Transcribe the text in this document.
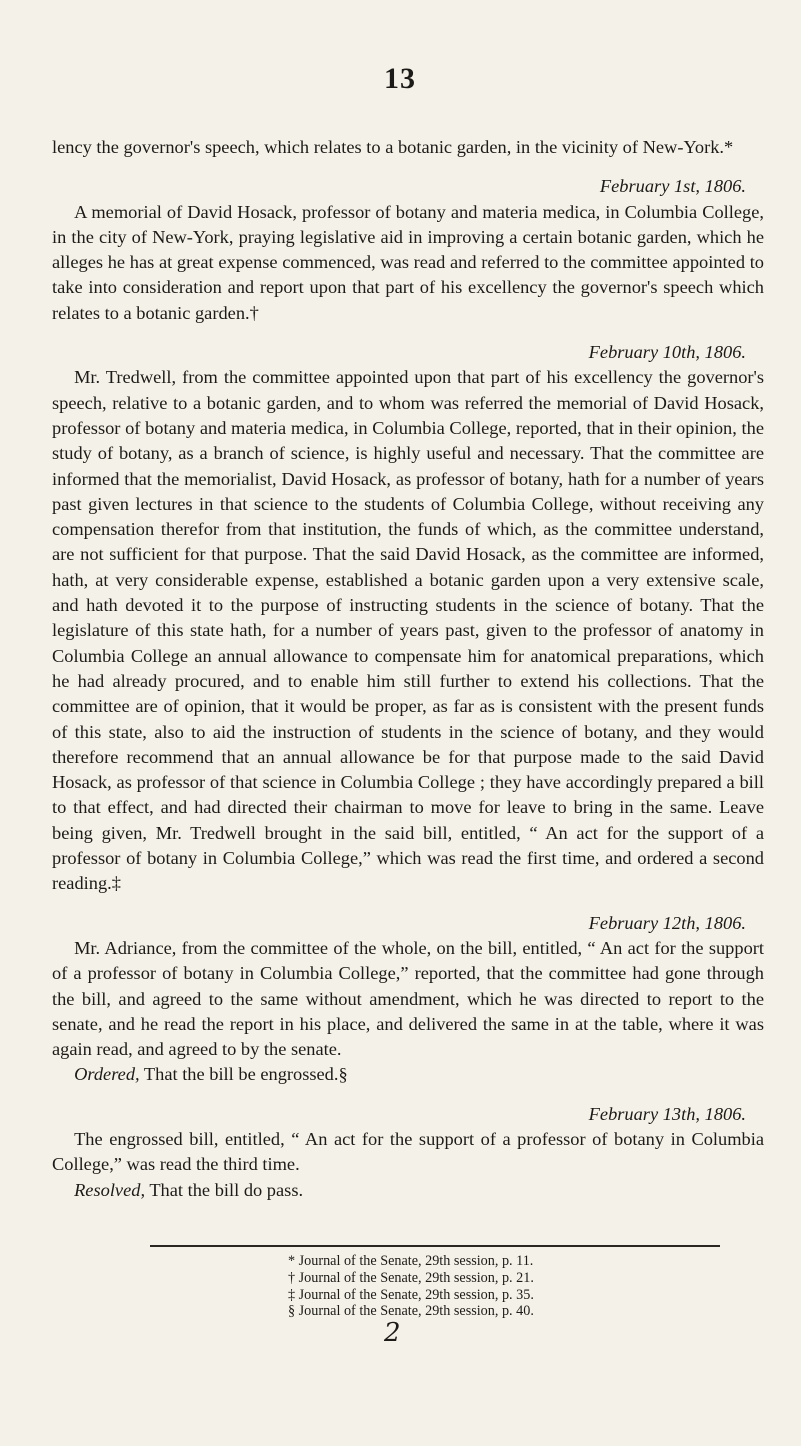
13

lency the governor's speech, which relates to a botanic garden, in the vicinity of New-York.*

February 1st, 1806.

A memorial of David Hosack, professor of botany and materia medica, in Columbia College, in the city of New-York, praying legislative aid in improving a certain botanic garden, which he alleges he has at great expense commenced, was read and referred to the committee appointed to take into consideration and report upon that part of his excellency the governor's speech which relates to a botanic garden.†

February 10th, 1806.

Mr. Tredwell, from the committee appointed upon that part of his excellency the governor's speech, relative to a botanic garden, and to whom was referred the memorial of David Hosack, professor of botany and materia medica, in Columbia College, reported, that in their opinion, the study of botany, as a branch of science, is highly useful and necessary. That the committee are informed that the memorialist, David Hosack, as professor of botany, hath for a number of years past given lectures in that science to the students of Columbia College, without receiving any compensation therefor from that institution, the funds of which, as the committee understand, are not sufficient for that purpose. That the said David Hosack, as the committee are informed, hath, at very considerable expense, established a botanic garden upon a very extensive scale, and hath devoted it to the purpose of instructing students in the science of botany. That the legislature of this state hath, for a number of years past, given to the professor of anatomy in Columbia College an annual allowance to compensate him for anatomical preparations, which he had already procured, and to enable him still further to extend his collections. That the committee are of opinion, that it would be proper, as far as is consistent with the present funds of this state, also to aid the instruction of students in the science of botany, and they would therefore recommend that an annual allowance be for that purpose made to the said David Hosack, as professor of that science in Columbia College ; they have accordingly prepared a bill to that effect, and had directed their chairman to move for leave to bring in the same. Leave being given, Mr. Tredwell brought in the said bill, entitled, “ An act for the support of a professor of botany in Columbia College,” which was read the first time, and ordered a second reading.‡

February 12th, 1806.

Mr. Adriance, from the committee of the whole, on the bill, entitled, “ An act for the support of a professor of botany in Columbia College,” reported, that the committee had gone through the bill, and agreed to the same without amendment, which he was directed to report to the senate, and he read the report in his place, and delivered the same in at the table, where it was again read, and agreed to by the senate.

Ordered, That the bill be engrossed.§

February 13th, 1806.

The engrossed bill, entitled, “ An act for the support of a professor of botany in Columbia College,” was read the third time.

Resolved, That the bill do pass.

* Journal of the Senate, 29th session, p. 11.
† Journal of the Senate, 29th session, p. 21.
‡ Journal of the Senate, 29th session, p. 35.
§ Journal of the Senate, 29th session, p. 40.
2
